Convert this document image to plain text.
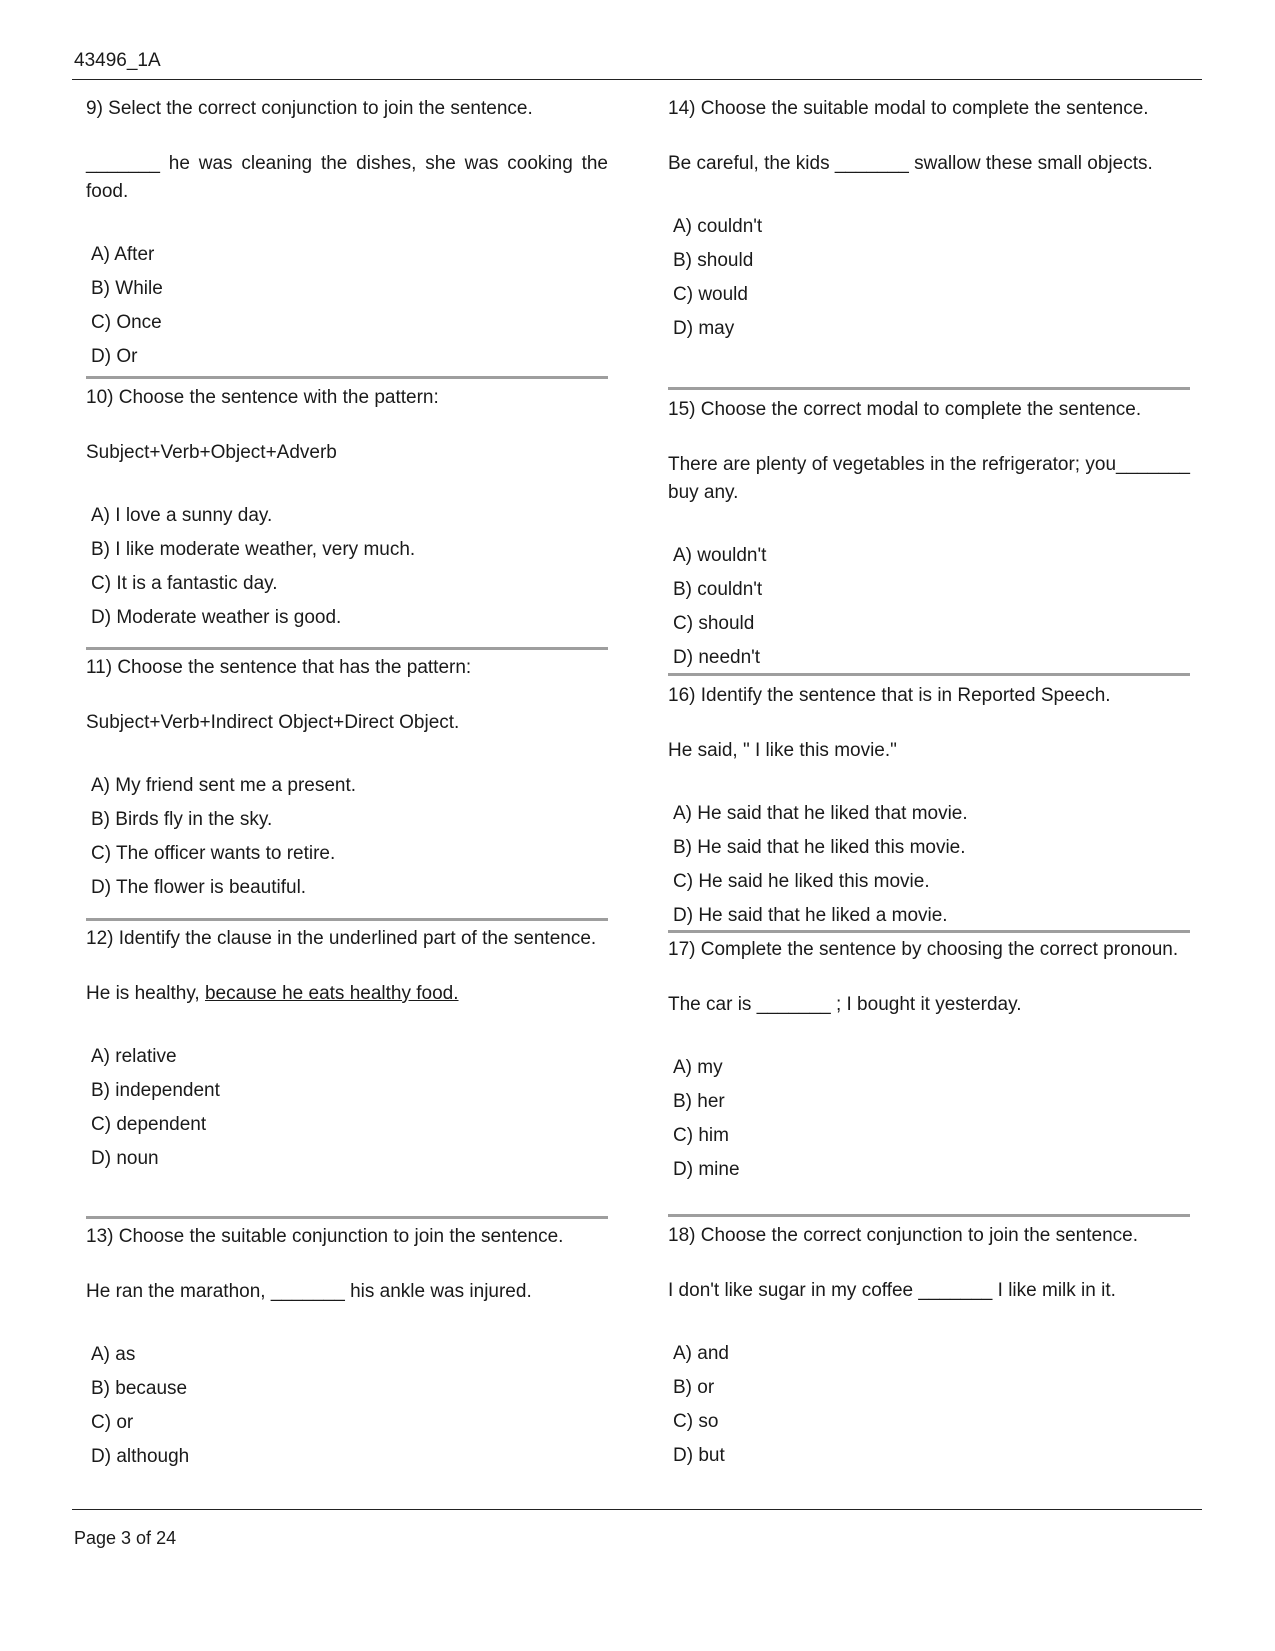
43496_1A

9) Select the correct conjunction to join the sentence.

_______ he was cleaning the dishes, she was cooking the food.

A) After
B) While
C) Once
D) Or

10) Choose the sentence with the pattern:

Subject+Verb+Object+Adverb

A) I love a sunny day.
B) I like moderate weather, very much.
C) It is a fantastic day.
D) Moderate weather is good.

11) Choose the sentence that has the pattern:

Subject+Verb+Indirect Object+Direct Object.

A) My friend sent me a present.
B) Birds fly in the sky.
C) The officer wants to retire.
D) The flower is beautiful.

12) Identify the clause in the underlined part of the sentence.

He is healthy, because he eats healthy food.

A) relative
B) independent
C) dependent
D) noun

13) Choose the suitable conjunction to join the sentence.

He ran the marathon, _______ his ankle was injured.

A) as
B) because
C) or
D) although

14) Choose the suitable modal to complete the sentence.

Be careful, the kids _______ swallow these small objects.

A) couldn't
B) should
C) would
D) may

15) Choose the correct modal to complete the sentence.

There are plenty of vegetables in the refrigerator; you_______ buy any.

A) wouldn't
B) couldn't
C) should
D) needn't

16) Identify the sentence that is in Reported Speech.

He said, " I like this movie."

A) He said that he liked that movie.
B) He said that he liked this movie.
C) He said he liked this movie.
D) He said that he liked a movie.

17) Complete the sentence by choosing the correct pronoun.

The car is _______ ; I bought it yesterday.

A) my
B) her
C) him
D) mine

18) Choose the correct conjunction to join the sentence.

I don't like sugar in my coffee _______ I like milk in it.

A) and
B) or
C) so
D) but
Page 3 of 24
